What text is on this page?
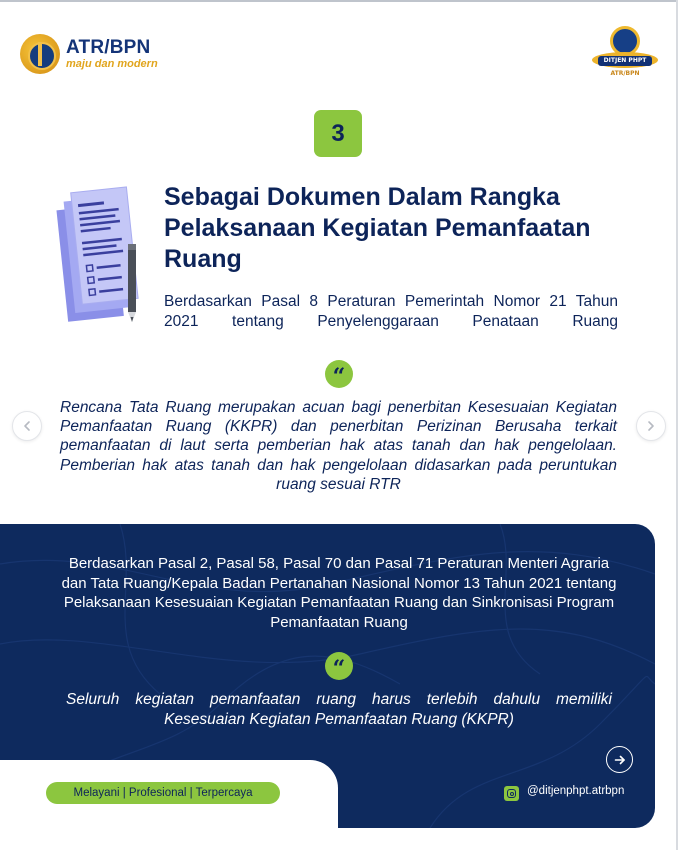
ATR/BPN
maju dan modern	DITJEN PHPT
ATR/BPN
3
Sebagai Dokumen Dalam Rangka Pelaksanaan Kegiatan Pemanfaatan Ruang
Berdasarkan Pasal 8 Peraturan Pemerintah Nomor 21 Tahun 2021 tentang Penyelenggaraan Penataan Ruang
“
Rencana Tata Ruang merupakan acuan bagi penerbitan Kesesuaian Kegiatan Pemanfaatan Ruang (KKPR) dan penerbitan Perizinan Berusaha terkait pemanfaatan di laut serta pemberian hak atas tanah dan hak pengelolaan. Pemberian hak atas tanah dan hak pengelolaan didasarkan pada peruntukan ruang sesuai RTR
Berdasarkan Pasal 2, Pasal 58, Pasal 70 dan Pasal 71 Peraturan Menteri Agraria dan Tata Ruang/Kepala Badan Pertanahan Nasional Nomor 13 Tahun 2021 tentang Pelaksanaan Kesesuaian Kegiatan Pemanfaatan Ruang dan Sinkronisasi Program Pemanfaatan Ruang
“
Seluruh kegiatan pemanfaatan ruang harus terlebih dahulu memiliki Kesesuaian Kegiatan Pemanfaatan Ruang (KKPR)
Melayani | Profesional | Terpercaya	@ditjenphpt.atrbpn
